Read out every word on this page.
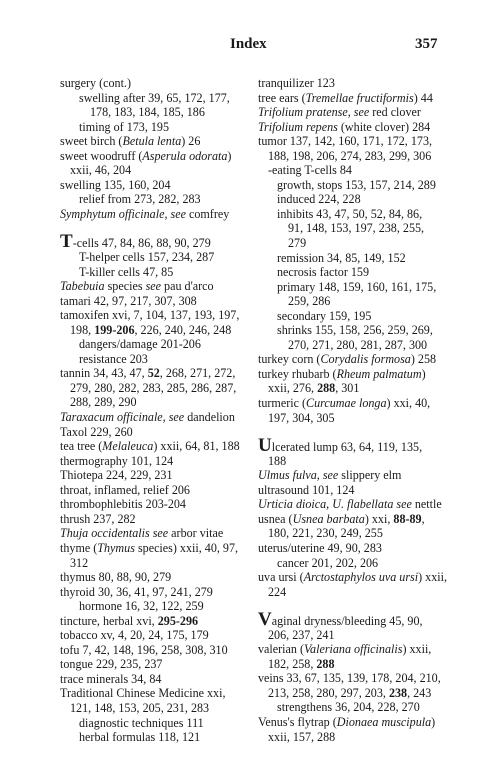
Index	357
surgery (cont.)
swelling after 39, 65, 172, 177,
178, 183, 184, 185, 186
timing of 173, 195
sweet birch (Betula lenta) 26
sweet woodruff (Asperula odorata)
xxii, 46, 204
swelling 135, 160, 204
relief from 273, 282, 283
Symphytum officinale, see comfrey
T-cells 47, 84, 86, 88, 90, 279
T-helper cells 157, 234, 287
T-killer cells 47, 85
Tabebuia species see pau d'arco
tamari 42, 97, 217, 307, 308
tamoxifen xvi, 7, 104, 137, 193, 197,
198, 199-206, 226, 240, 246, 248
dangers/damage 201-206
resistance 203
tannin 34, 43, 47, 52, 268, 271, 272,
279, 280, 282, 283, 285, 286, 287,
288, 289, 290
Taraxacum officinale, see dandelion
Taxol 229, 260
tea tree (Melaleuca) xxii, 64, 81, 188
thermography 101, 124
Thiotepa 224, 229, 231
throat, inflamed, relief 206
thrombophlebitis 203-204
thrush 237, 282
Thuja occidentalis see arbor vitae
thyme (Thymus species) xxii, 40, 97,
312
thymus 80, 88, 90, 279
thyroid 30, 36, 41, 97, 241, 279
hormone 16, 32, 122, 259
tincture, herbal xvi, 295-296
tobacco xv, 4, 20, 24, 175, 179
tofu 7, 42, 148, 196, 258, 308, 310
tongue 229, 235, 237
trace minerals 34, 84
Traditional Chinese Medicine xxi,
121, 148, 153, 205, 231, 283
diagnostic techniques 111
herbal formulas 118, 121
tranquilizer 123
tree ears (Tremellae fructiformis) 44
Trifolium pratense, see red clover
Trifolium repens (white clover) 284
tumor 137, 142, 160, 171, 172, 173,
188, 198, 206, 274, 283, 299, 306
-eating T-cells 84
growth, stops 153, 157, 214, 289
induced 224, 228
inhibits 43, 47, 50, 52, 84, 86,
91, 148, 153, 197, 238, 255,
279
remission 34, 85, 149, 152
necrosis factor 159
primary 148, 159, 160, 161, 175,
259, 286
secondary 159, 195
shrinks 155, 158, 256, 259, 269,
270, 271, 280, 281, 287, 300
turkey corn (Corydalis formosa) 258
turkey rhubarb (Rheum palmatum)
xxii, 276, 288, 301
turmeric (Curcumae longa) xxi, 40,
197, 304, 305
Ulcerated lump 63, 64, 119, 135,
188
Ulmus fulva, see slippery elm
ultrasound 101, 124
Urticia dioica, U. flabellata see nettle
usnea (Usnea barbata) xxi, 88-89,
180, 221, 230, 249, 255
uterus/uterine 49, 90, 283
cancer 201, 202, 206
uva ursi (Arctostaphylos uva ursi) xxii,
224
Vaginal dryness/bleeding 45, 90,
206, 237, 241
valerian (Valeriana officinalis) xxii,
182, 258, 288
veins 33, 67, 135, 139, 178, 204, 210,
213, 258, 280, 297, 203, 238, 243
strengthens 36, 204, 228, 270
Venus's flytrap (Dionaea muscipula)
xxii, 157, 288
